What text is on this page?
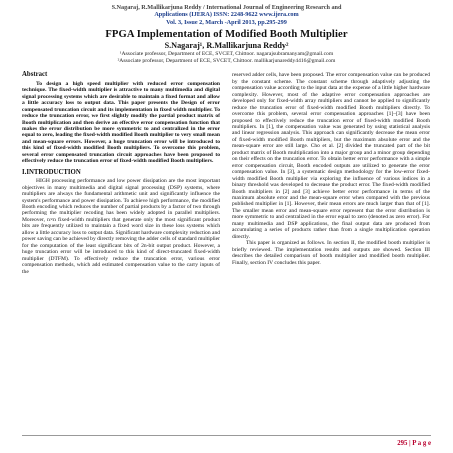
S.Nagaraj, R.Mallikarjuna Reddy / International Journal of Engineering Research and
Applications (IJERA) ISSN: 2248-9622 www.ijera.com
Vol. 3, Issue 2, March -April 2013, pp.295-299
FPGA Implementation of Modified Booth Multiplier
S.Nagaraj¹, R.Mallikarjuna Reddy²
¹Associate professor, Department of ECE, SVCET, Chittoor. nagarajsubramanyam@gmail.com
²Associate professor, Department of ECE, SVCET, Chittoor. mallikarjunareddy4416@gmail.com
Abstract

To design a high speed multiplier with reduced error compensation technique. The fixed-width multiplier is attractive to many multimedia and digital signal processing systems which are desirable to maintain a fixed format and allow a little accuracy loss to output data. This paper presents the Design of error compensated truncation circuit and its implementation in fixed width multiplier. To reduce the truncation error, we first slightly modify the partial product matrix of Booth multiplication and then derive an effective error compensation function that makes the error distribution be more symmetric to and centralized in the error equal to zero, leading the fixed-width modified Booth multiplier to very small mean and mean-square errors. However, a huge truncation error will be introduced to this kind of fixed-width modified Booth multipliers. To overcome this problem, several error compensated truncation circuit approaches have been proposed to effectively reduce the truncation error of fixed-width modified Booth multipliers.

I.INTRODUCTION

HIGH processing performance and low power dissipation are the most important objectives in many multimedia and digital signal processing (DSP) systems, where multipliers are always the fundamental arithmetic unit and significantly influence the system's performance and power dissipation. To achieve high performance, the modified Booth encoding which reduces the number of partial products by a factor of two through performing the multiplier recoding has been widely adopted in parallel multipliers. Moreover, n×n fixed-width multipliers that generate only the most significant product bits are frequently utilized to maintain a fixed word size in these loss systems which allow a little accuracy loss to output data. Significant hardware complexity reduction and power saving can be achieved by directly removing the adder cells of standard multiplier for the computation of the least significant bits of 2n-bit output product. However, a huge truncation error will be introduced to this kind of direct-truncated fixed-width multiplier (DTFM). To effectively reduce the truncation error, various error compensation methods, which add estimated compensation value to the carry inputs of the

reserved adder cells, have been proposed. The error compensation value can be produced by the constant scheme. The constant scheme through adaptively adjusting the compensation value according to the input data at the expense of a little higher hardware complexity. However, most of the adaptive error compensation approaches are developed only for fixed-width array multipliers and cannot be applied to significantly reduce the truncation error of fixed-width modified Booth multipliers directly. To overcome this problem, several error compensation approaches [1]–[3] have been proposed to effectively reduce the truncation error of fixed-width modified Booth multipliers. In [1], the compensation value was generated by using statistical analysis and linear regression analysis. This approach can significantly decrease the mean error of fixed-width modified Booth multipliers, but the maximum absolute error and the mean-square error are still large. Cho et al. [2] divided the truncated part of the bit product matrix of Booth multiplication into a major group and a minor group depending on their effects on the truncation error. To obtain better error performance with a simple error compensation circuit, Booth encoded outputs are utilized to generate the error compensation value. In [3], a systematic design methodology for the low-error fixed-width modified Booth multiplier via exploring the influence of various indices in a binary threshold was developed to decrease the product error. The fixed-width modified Booth multipliers in [2] and [3] achieve better error performance in terms of the maximum absolute error and the mean-square error when compared with the previous published multiplier in [1]. However, their mean errors are much larger than that of [1]. The smaller mean error and mean-square error represent that the error distribution is more symmetric to and centralized in the error equal to zero (denoted as zero error). For many multimedia and DSP applications, the final output data are produced from accumulating a series of products rather than from a single multiplication operation directly.

This paper is organized as follows. In section II, the modified booth multiplier is briefly reviewed. The implementation results and outputs are showed. Section III describes the detailed comparison of booth multiplier and modified booth multiplier. Finally, section IV concludes this paper.

295 | P a g e
